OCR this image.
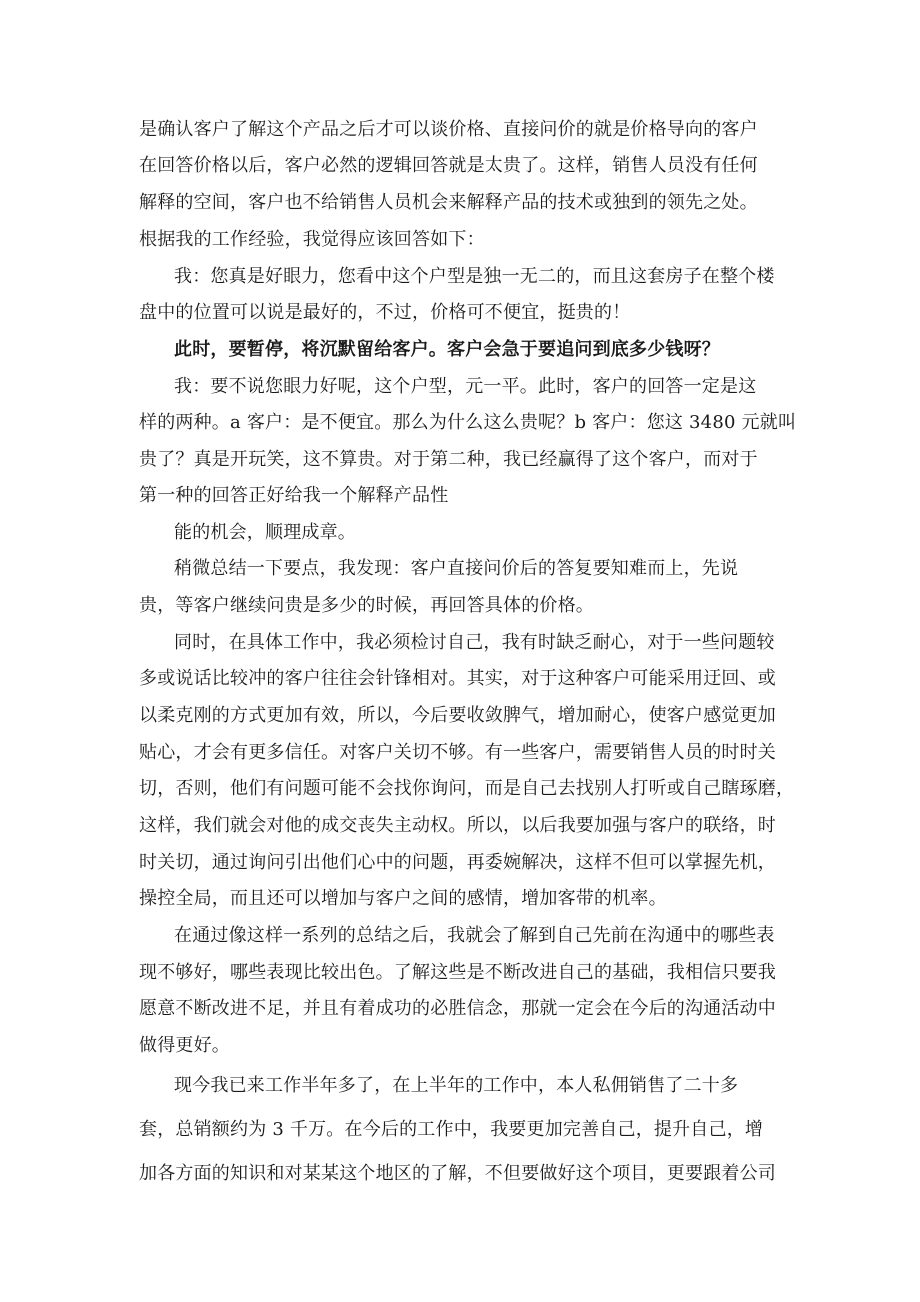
是确认客户了解这个产品之后才可以谈价格、直接问价的就是价格导向的客户
在回答价格以后，客户必然的逻辑回答就是太贵了。这样，销售人员没有任何
解释的空间，客户也不给销售人员机会来解释产品的技术或独到的领先之处。
根据我的工作经验，我觉得应该回答如下：
我：您真是好眼力，您看中这个户型是独一无二的，而且这套房子在整个楼
盘中的位置可以说是最好的，不过，价格可不便宜，挺贵的！
此时，要暂停，将沉默留给客户。客户会急于要追问到底多少钱呀？
我：要不说您眼力好呢，这个户型，元一平。此时，客户的回答一定是这
样的两种。a 客户：是不便宜。那么为什么这么贵呢？b 客户：您这 3480 元就叫
贵了？真是开玩笑，这不算贵。对于第二种，我已经赢得了这个客户，而对于
第一种的回答正好给我一个解释产品性
能的机会，顺理成章。
稍微总结一下要点，我发现：客户直接问价后的答复要知难而上，先说
贵，等客户继续问贵是多少的时候，再回答具体的价格。
同时，在具体工作中，我必须检讨自己，我有时缺乏耐心，对于一些问题较
多或说话比较冲的客户往往会针锋相对。其实，对于这种客户可能采用迂回、或
以柔克刚的方式更加有效，所以，今后要收敛脾气，增加耐心，使客户感觉更加
贴心，才会有更多信任。对客户关切不够。有一些客户，需要销售人员的时时关
切，否则，他们有问题可能不会找你询问，而是自己去找别人打听或自己瞎琢磨，
这样，我们就会对他的成交丧失主动权。所以，以后我要加强与客户的联络，时
时关切，通过询问引出他们心中的问题，再委婉解决，这样不但可以掌握先机，
操控全局，而且还可以增加与客户之间的感情，增加客带的机率。
在通过像这样一系列的总结之后，我就会了解到自己先前在沟通中的哪些表
现不够好，哪些表现比较出色。了解这些是不断改进自己的基础，我相信只要我
愿意不断改进不足，并且有着成功的必胜信念，那就一定会在今后的沟通活动中
做得更好。
现今我已来工作半年多了，在上半年的工作中，本人私佣销售了二十多
套，总销额约为 3 千万。在今后的工作中，我要更加完善自己，提升自己，增
加各方面的知识和对某某这个地区的了解，不但要做好这个项目，更要跟着公司
